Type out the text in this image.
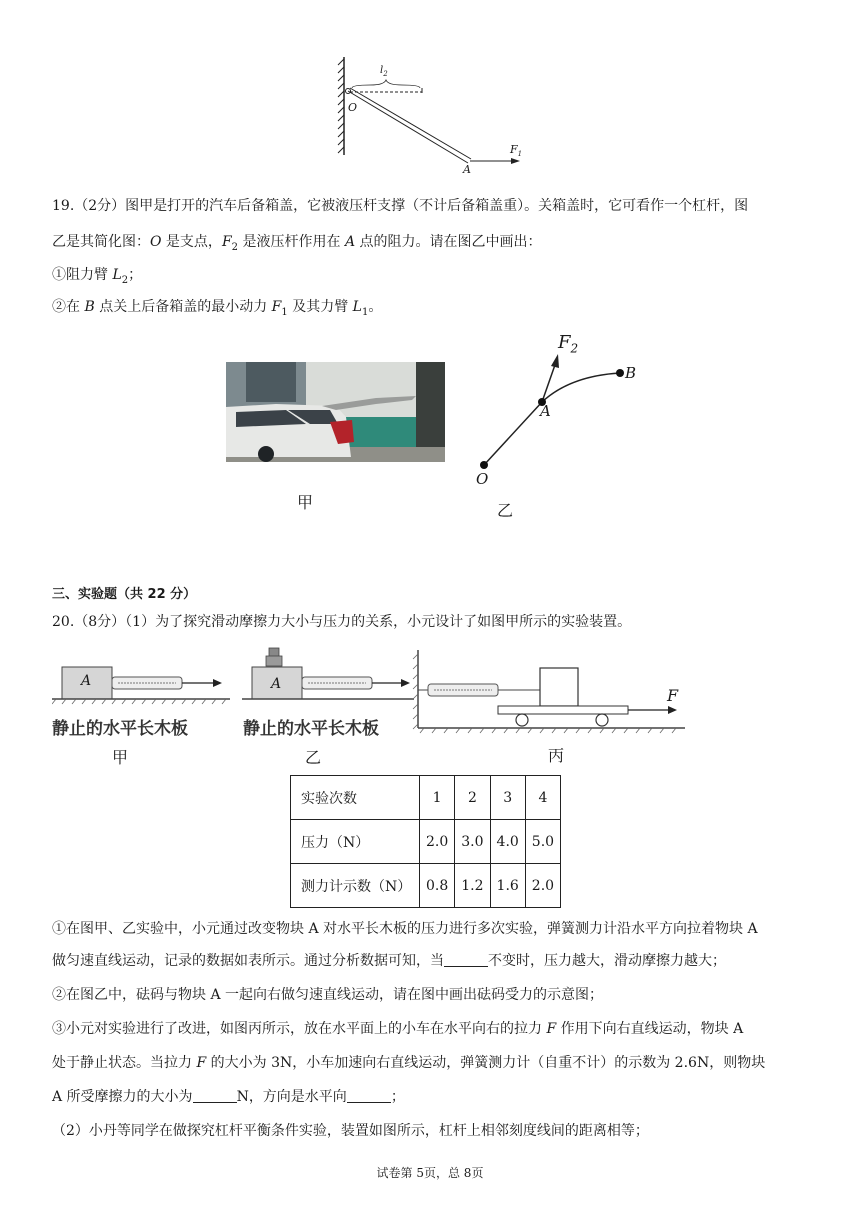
$l_2$
O
A
$F_1$
19.（2分）图甲是打开的汽车后备箱盖，它被液压杆支撑（不计后备箱盖重）。关箱盖时，它可看作一个杠杆，图
乙是其简化图：O 是支点，$F_2$ 是液压杆作用在 A 点的阻力。请在图乙中画出：
①阻力臂 $L_2$；
②在 B 点关上后备箱盖的最小动力 $F_1$ 及其力臂 $L_1$。
甲
$F_2$
A
B
O
乙
三、实验题（共 22 分）
20.（8分）（1）为了探究滑动摩擦力大小与压力的关系，小元设计了如图甲所示的实验装置。
A
静止的水平长木板
甲
A
静止的水平长木板
乙
F
丙
实验次数	1	2	3	4
压力（N）	2.0	3.0	4.0	5.0
测力计示数（N）	0.8	1.2	1.6	2.0
①在图甲、乙实验中，小元通过改变物块 A 对水平长木板的压力进行多次实验，弹簧测力计沿水平方向拉着物块 A
做匀速直线运动，记录的数据如表所示。通过分析数据可知，当	不变时，压力越大，滑动摩擦力越大；
②在图乙中，砝码与物块 A 一起向右做匀速直线运动，请在图中画出砝码受力的示意图；
③小元对实验进行了改进，如图丙所示，放在水平面上的小车在水平向右的拉力 F 作用下向右直线运动，物块 A
处于静止状态。当拉力 F 的大小为 3N，小车加速向右直线运动，弹簧测力计（自重不计）的示数为 2.6N，则物块
A 所受摩擦力的大小为	N，方向是水平向	；
（2）小丹等同学在做探究杠杆平衡条件实验，装置如图所示，杠杆上相邻刻度线间的距离相等；
试卷第 5页，总 8页
